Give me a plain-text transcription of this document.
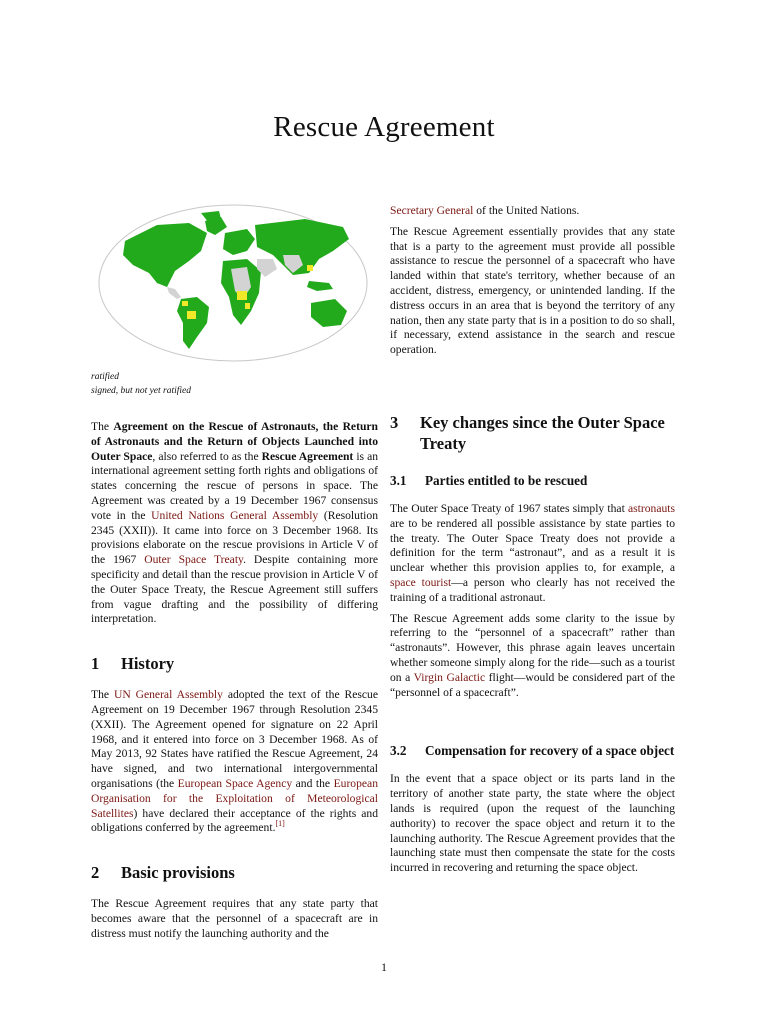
Rescue Agreement
ratified
signed, but not yet ratified

The Agreement on the Rescue of Astronauts, the Return of Astronauts and the Return of Objects Launched into Outer Space, also referred to as the Rescue Agreement is an international agreement setting forth rights and obligations of states concerning the rescue of persons in space. The Agreement was created by a 19 December 1967 consensus vote in the United Nations General Assembly (Resolution 2345 (XXII)). It came into force on 3 December 1968. Its provisions elaborate on the rescue provisions in Article V of the 1967 Outer Space Treaty. Despite containing more specificity and detail than the rescue provision in Article V of the Outer Space Treaty, the Rescue Agreement still suffers from vague drafting and the possibility of differing interpretation.

1	History

The UN General Assembly adopted the text of the Rescue Agreement on 19 December 1967 through Resolution 2345 (XXII). The Agreement opened for signature on 22 April 1968, and it entered into force on 3 December 1968. As of May 2013, 92 States have ratified the Rescue Agreement, 24 have signed, and two international intergovernmental organisations (the European Space Agency and the European Organisation for the Exploitation of Meteorological Satellites) have declared their acceptance of the rights and obligations conferred by the agreement.[1]

2	Basic provisions

The Rescue Agreement requires that any state party that becomes aware that the personnel of a spacecraft are in distress must notify the launching authority and the

Secretary General of the United Nations.

The Rescue Agreement essentially provides that any state that is a party to the agreement must provide all possible assistance to rescue the personnel of a spacecraft who have landed within that state's territory, whether because of an accident, distress, emergency, or unintended landing. If the distress occurs in an area that is beyond the territory of any nation, then any state party that is in a position to do so shall, if necessary, extend assistance in the search and rescue operation.

3	Key changes since the Outer Space Treaty
3.1	Parties entitled to be rescued

The Outer Space Treaty of 1967 states simply that astronauts are to be rendered all possible assistance by state parties to the treaty. The Outer Space Treaty does not provide a definition for the term “astronaut”, and as a result it is unclear whether this provision applies to, for example, a space tourist—a person who clearly has not received the training of a traditional astronaut.

The Rescue Agreement adds some clarity to the issue by referring to the “personnel of a spacecraft” rather than “astronauts”. However, this phrase again leaves uncertain whether someone simply along for the ride—such as a tourist on a Virgin Galactic flight—would be considered part of the “personnel of a spacecraft”.

3.2	Compensation for recovery of a space object

In the event that a space object or its parts land in the territory of another state party, the state where the object lands is required (upon the request of the launching authority) to recover the space object and return it to the launching authority. The Rescue Agreement provides that the launching state must then compensate the state for the costs incurred in recovering and returning the space object.

1
